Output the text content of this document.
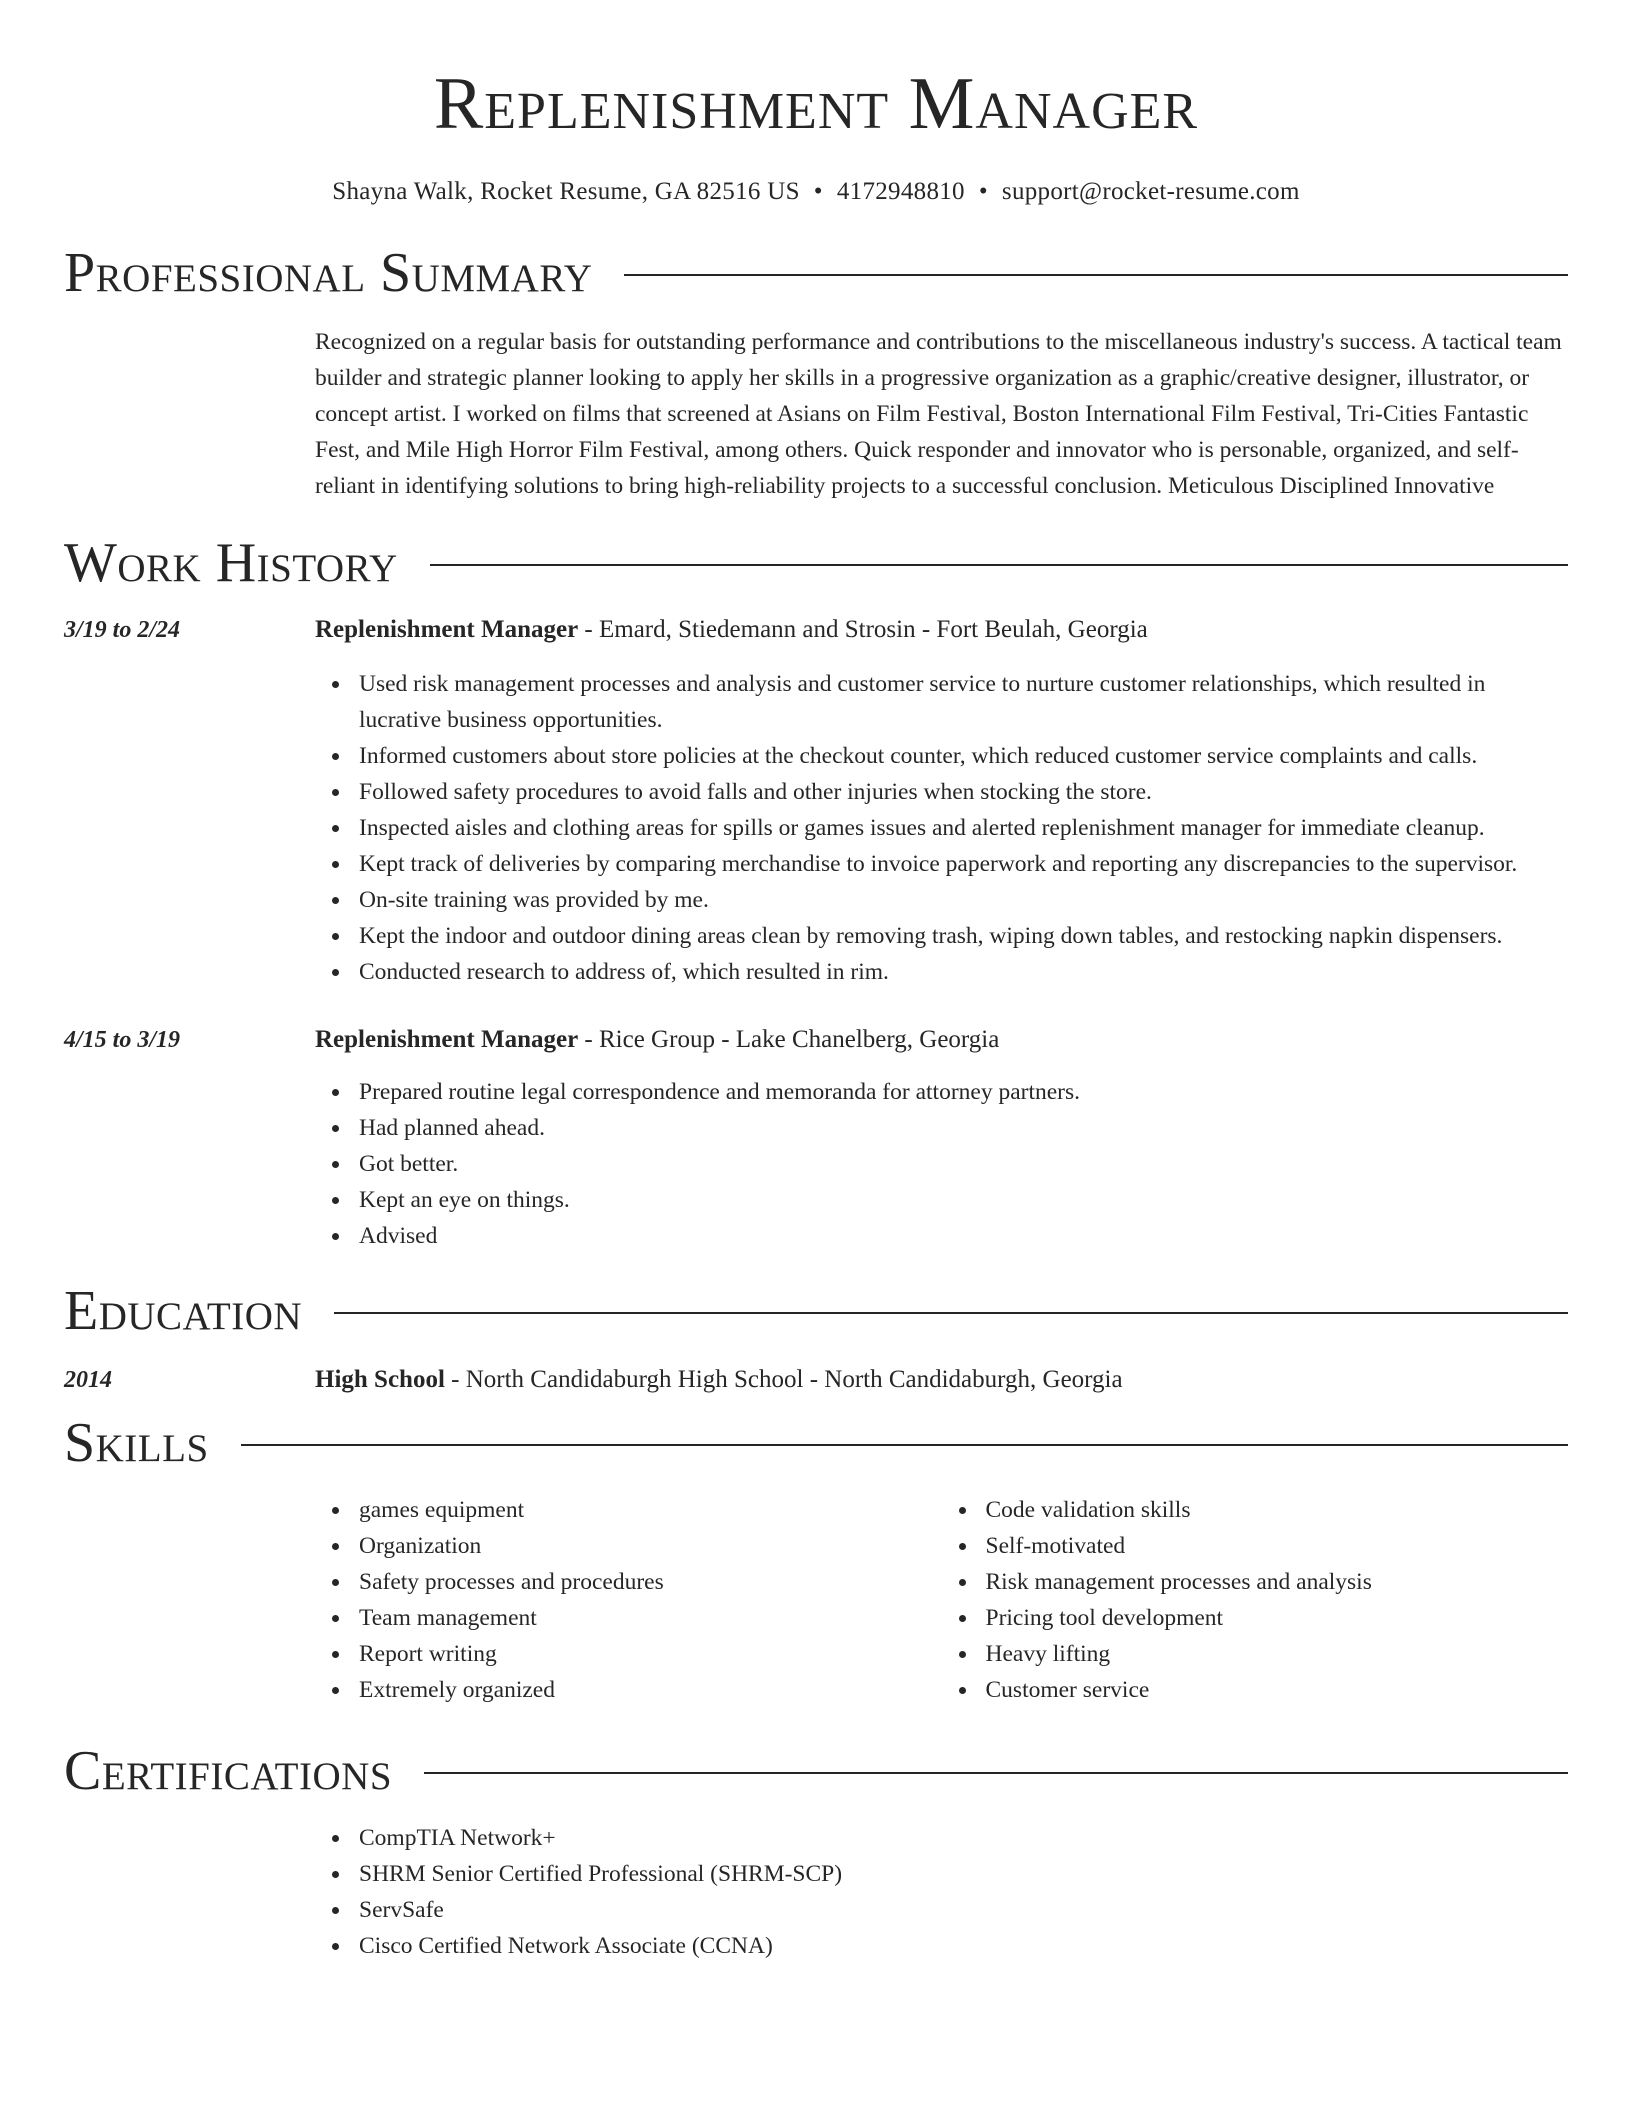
Replenishment Manager
Shayna Walk, Rocket Resume, GA 82516 US • 4172948810 • support@rocket-resume.com
Professional Summary
Recognized on a regular basis for outstanding performance and contributions to the miscellaneous industry's success. A tactical team builder and strategic planner looking to apply her skills in a progressive organization as a graphic/creative designer, illustrator, or concept artist. I worked on films that screened at Asians on Film Festival, Boston International Film Festival, Tri-Cities Fantastic Fest, and Mile High Horror Film Festival, among others. Quick responder and innovator who is personable, organized, and self-reliant in identifying solutions to bring high-reliability projects to a successful conclusion. Meticulous Disciplined Innovative
Work History
3/19 to 2/24	Replenishment Manager - Emard, Stiedemann and Strosin - Fort Beulah, Georgia
Used risk management processes and analysis and customer service to nurture customer relationships, which resulted in lucrative business opportunities.
Informed customers about store policies at the checkout counter, which reduced customer service complaints and calls.
Followed safety procedures to avoid falls and other injuries when stocking the store.
Inspected aisles and clothing areas for spills or games issues and alerted replenishment manager for immediate cleanup.
Kept track of deliveries by comparing merchandise to invoice paperwork and reporting any discrepancies to the supervisor.
On-site training was provided by me.
Kept the indoor and outdoor dining areas clean by removing trash, wiping down tables, and restocking napkin dispensers.
Conducted research to address of, which resulted in rim.
4/15 to 3/19	Replenishment Manager - Rice Group - Lake Chanelberg, Georgia
Prepared routine legal correspondence and memoranda for attorney partners.
Had planned ahead.
Got better.
Kept an eye on things.
Advised
Education
2014	High School - North Candidaburgh High School - North Candidaburgh, Georgia
Skills
games equipment
Organization
Safety processes and procedures
Team management
Report writing
Extremely organized
Code validation skills
Self-motivated
Risk management processes and analysis
Pricing tool development
Heavy lifting
Customer service
Certifications
CompTIA Network+
SHRM Senior Certified Professional (SHRM-SCP)
ServSafe
Cisco Certified Network Associate (CCNA)
